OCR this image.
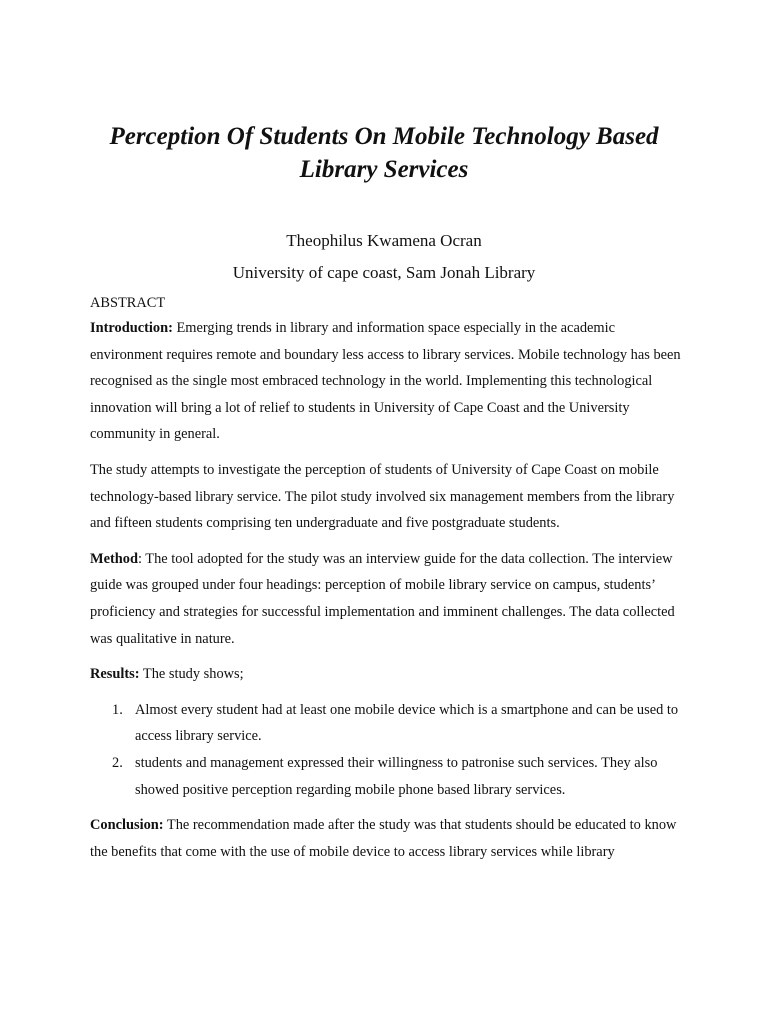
Perception Of Students On Mobile Technology Based
Library Services

Theophilus Kwamena Ocran

University of cape coast, Sam Jonah Library

ABSTRACT

Introduction: Emerging trends in library and information space especially in the academic environment requires remote and boundary less access to library services. Mobile technology has been recognised as the single most embraced technology in the world. Implementing this technological innovation will bring a lot of relief to students in University of Cape Coast and the University community in general.

The study attempts to investigate the perception of students of University of Cape Coast on mobile technology-based library service. The pilot study involved six management members from the library and fifteen students comprising ten undergraduate and five postgraduate students.

Method: The tool adopted for the study was an interview guide for the data collection. The interview guide was grouped under four headings: perception of mobile library service on campus, students’ proficiency and strategies for successful implementation and imminent challenges. The data collected was qualitative in nature.

Results: The study shows;

1. Almost every student had at least one mobile device which is a smartphone and can be used to access library service.
2. students and management expressed their willingness to patronise such services. They also showed positive perception regarding mobile phone based library services.

Conclusion: The recommendation made after the study was that students should be educated to know the benefits that come with the use of mobile device to access library services while library
